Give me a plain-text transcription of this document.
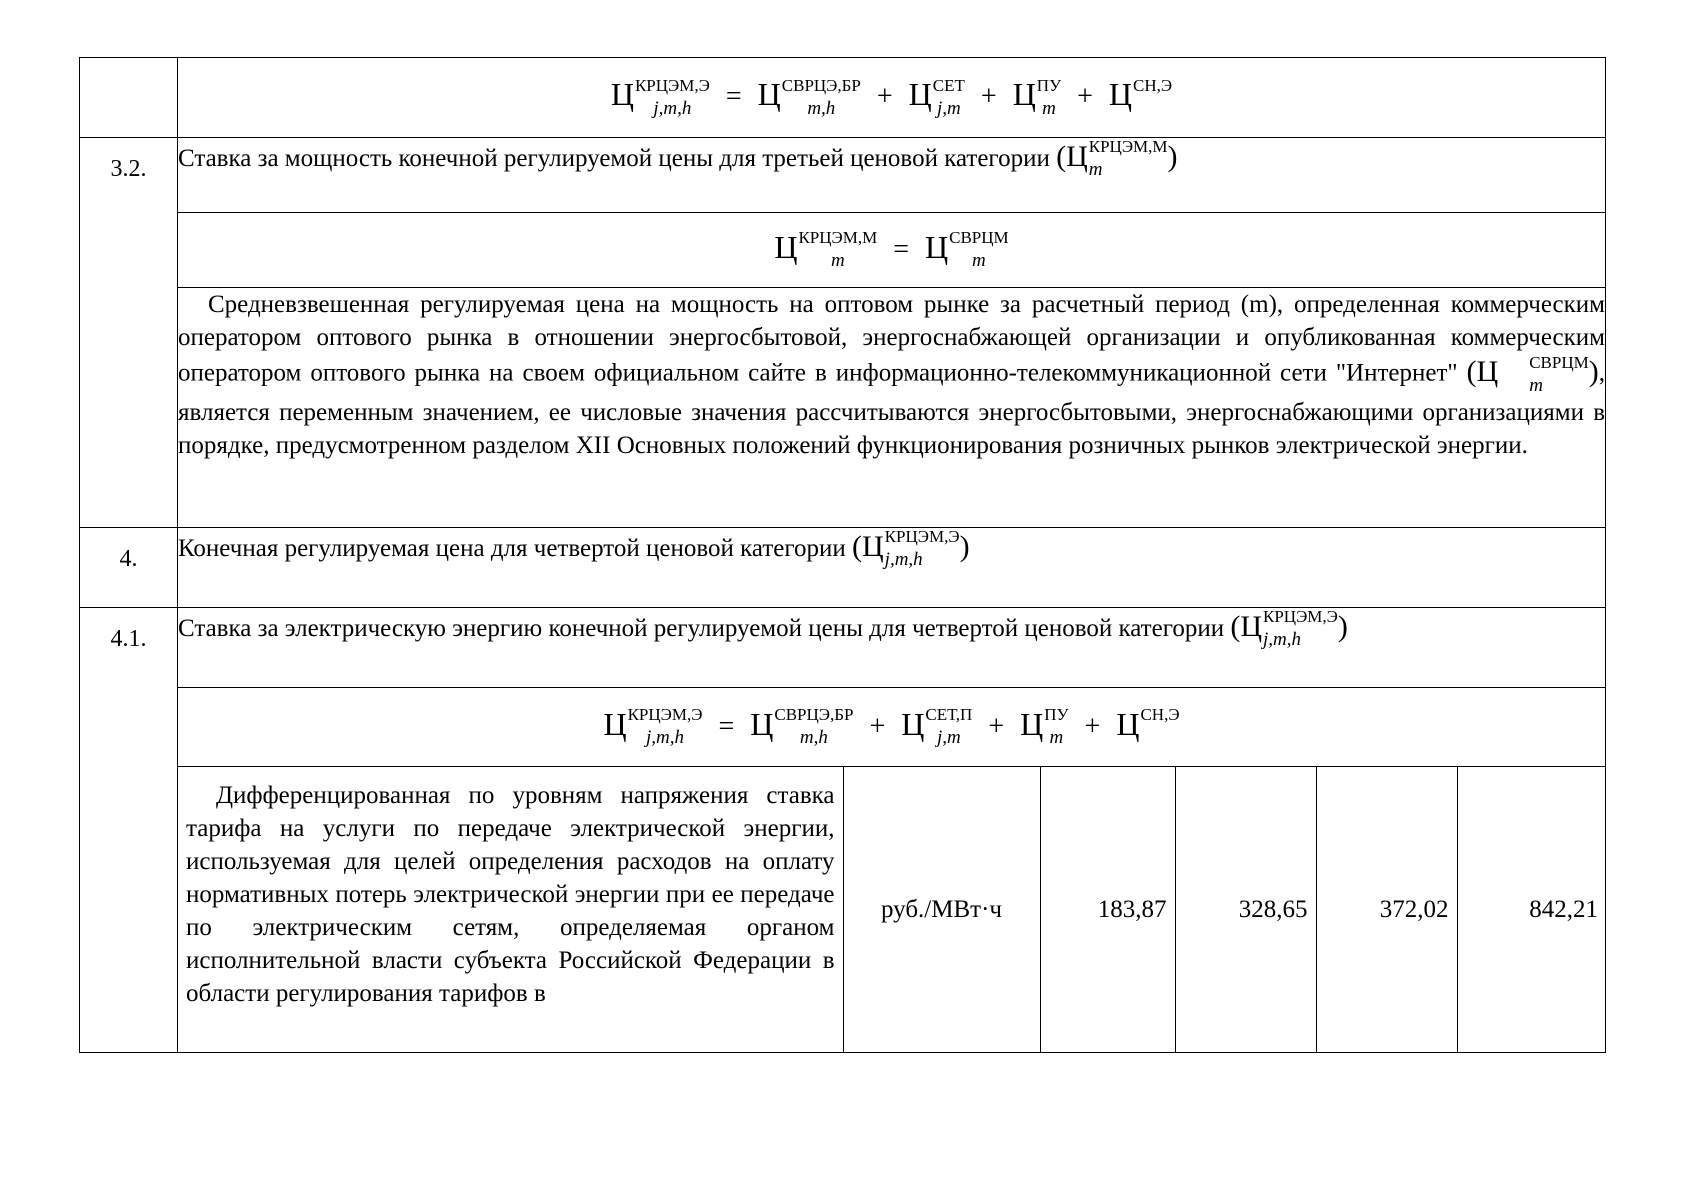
	Ц КРЦЭМ,Э
j,m,h	= Ц СВРЦЭ,БР
m,h	+ Ц СЕТ
j,m + Ц ПУ
m + Ц СН,Э

3.2.	Ставка за мощность конечной регулируемой цены для третьей ценовой категории (Ц КРЦЭМ,М
m	)
Ц КРЦЭМ,М
m	= Ц СВРЦМ
m

Средневзвешенная регулируемая цена на мощность на оптовом рынке за расчетный период (m), определенная коммерческим оператором оптового рынка в отношении энергосбытовой, энергоснабжающей организации и опубликованная коммерческим оператором оптового рынка на своем официальном сайте в информационно-телекоммуникационной сети "Интернет" (Ц	СВРЦМ
m	), является переменным значением, ее числовые значения рассчитываются энергосбытовыми, энергоснабжающими организациями в порядке, предусмотренном разделом XII Основных положений функционирования розничных рынков электрической энергии.
4.	Конечная регулируемая цена для четвертой ценовой категории (Ц КРЦЭМ,Э
j,m,h	)
4.1.	Ставка за электрическую энергию конечной регулируемой цены для четвертой ценовой категории (Ц КРЦЭМ,Э
j,m,h	)
Ц КРЦЭМ,Э
j,m,h	= Ц СВРЦЭ,БР
m,h	+ Ц СЕТ,П
j,m + Ц ПУ
m + Ц СН,Э

Дифференцированная по уровням напряжения ставка тарифа на услуги по передаче электрической энергии, используемая для целей определения расходов на оплату нормативных потерь электрической энергии при ее передаче по электрическим сетям, определяемая органом исполнительной власти субъекта Российской Федерации в области регулирования тарифов в	руб./МВт·ч	183,87	328,65	372,02	842,21
